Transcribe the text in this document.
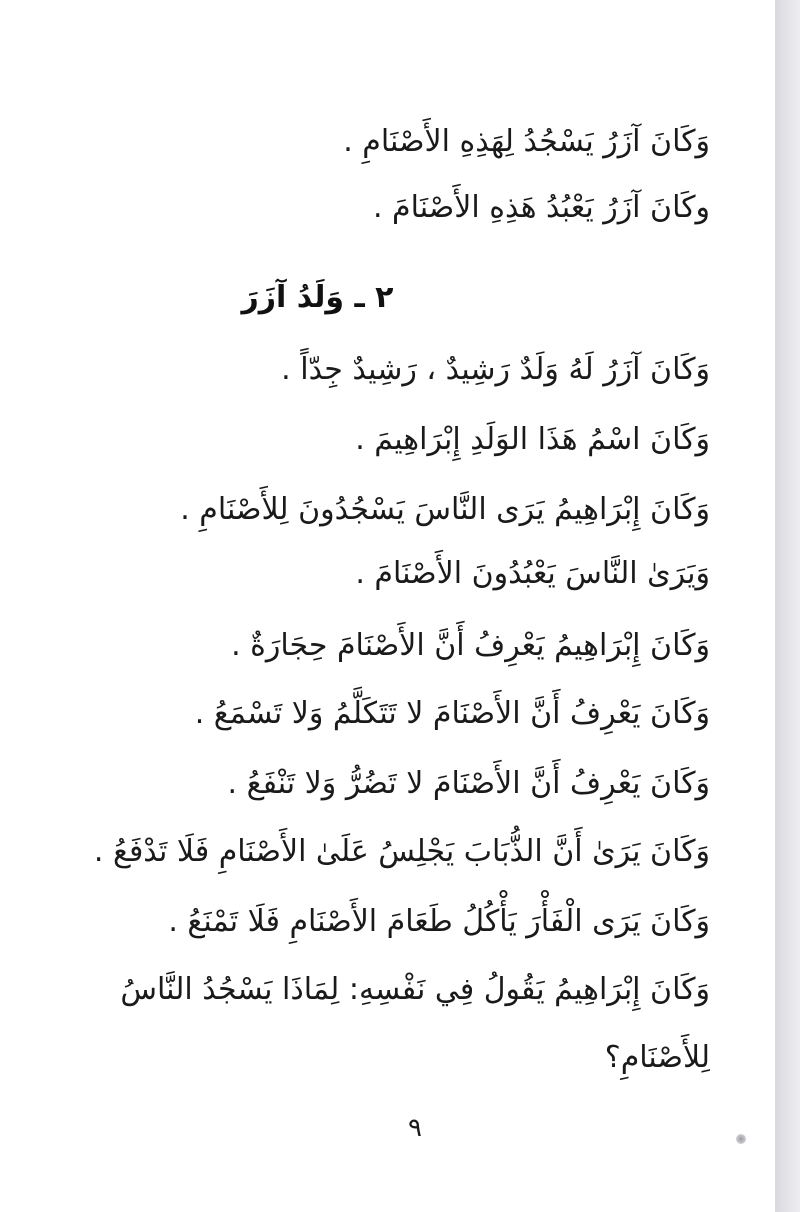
وَكَانَ آزَرُ يَسْجُدُ لِهَذِهِ الأَصْنَامِ .
وكَانَ آزَرُ يَعْبُدُ هَذِهِ الأَصْنَامَ .
٢ ـ وَلَدُ آزَرَ
وَكَانَ آزَرُ لَهُ وَلَدٌ رَشِيدٌ ، رَشِيدٌ جِدّاً .
وَكَانَ اسْمُ هَذَا الوَلَدِ إِبْرَاهِيمَ .
وَكَانَ إِبْرَاهِيمُ يَرَى النَّاسَ يَسْجُدُونَ لِلأَصْنَامِ .
وَيَرَىٰ النَّاسَ يَعْبُدُونَ الأَصْنَامَ .
وَكَانَ إِبْرَاهِيمُ يَعْرِفُ أَنَّ الأَصْنَامَ حِجَارَةٌ .
وَكَانَ يَعْرِفُ أَنَّ الأَصْنَامَ لا تَتَكَلَّمُ وَلا تَسْمَعُ .
وَكَانَ يَعْرِفُ أَنَّ الأَصْنَامَ لا تَضُرُّ وَلا تَنْفَعُ .
وَكَانَ يَرَىٰ أَنَّ الذُّبَابَ يَجْلِسُ عَلَىٰ الأَصْنَامِ فَلَا تَدْفَعُ .
وَكَانَ يَرَى الْفَأْرَ يَأْكُلُ طَعَامَ الأَصْنَامِ فَلَا تَمْنَعُ .
وَكَانَ إِبْرَاهِيمُ يَقُولُ فِي نَفْسِهِ: لِمَاذَا يَسْجُدُ النَّاسُ
لِلأَصْنَامِ؟
٩
